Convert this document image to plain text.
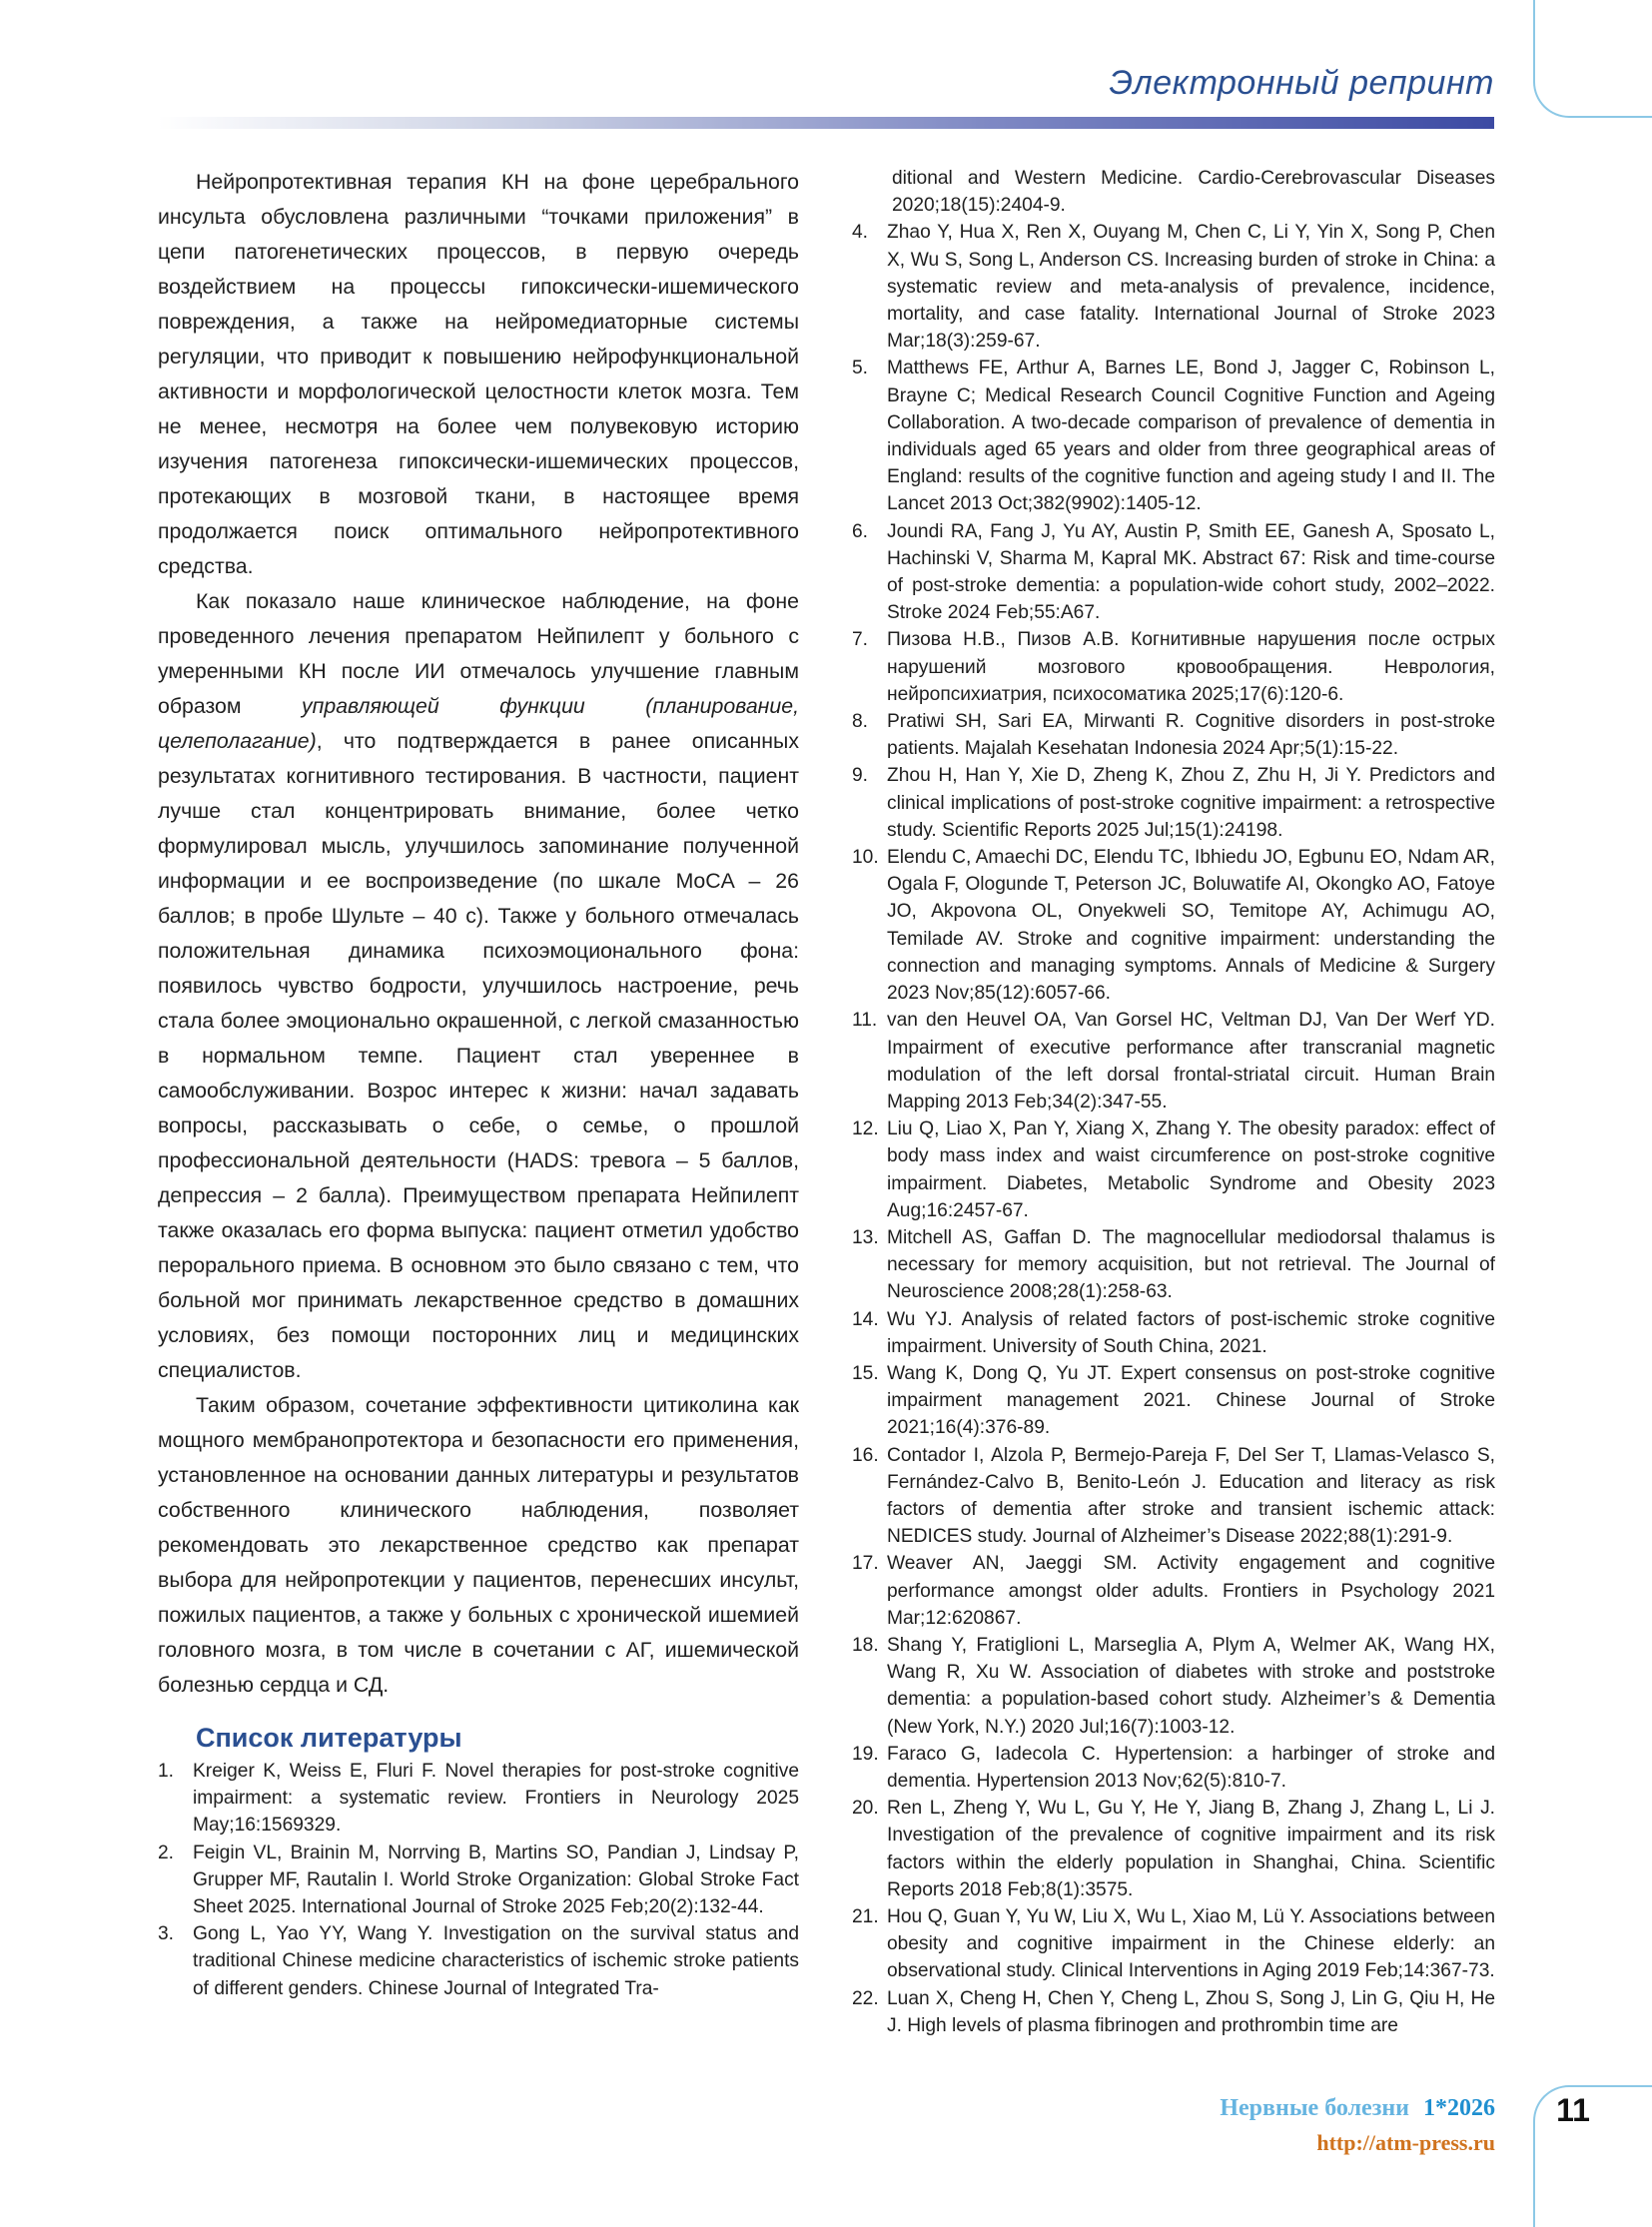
Электронный репринт

Нейропротективная терапия КН на фоне церебрального инсульта обусловлена различными “точками приложения” в цепи патогенетических процессов, в первую очередь воздействием на процессы гипоксически-ишемического повреждения, а также на нейромедиаторные системы регуляции, что приводит к повышению нейрофункциональной активности и морфологической целостности клеток мозга. Тем не менее, несмотря на более чем полувековую историю изучения патогенеза гипоксически-ишемических процессов, протекающих в мозговой ткани, в настоящее время продолжается поиск оптимального нейропротективного средства.

Как показало наше клиническое наблюдение, на фоне проведенного лечения препаратом Нейпилепт у больного с умеренными КН после ИИ отмечалось улучшение главным образом управляющей функции (планирование, целеполагание), что подтверждается в ранее описанных результатах когнитивного тестирования. В частности, пациент лучше стал концентрировать внимание, более четко формулировал мысль, улучшилось запоминание полученной информации и ее воспроизведение (по шкале MoCA – 26 баллов; в пробе Шульте – 40 с). Также у больного отмечалась положительная динамика психоэмоционального фона: появилось чувство бодрости, улучшилось настроение, речь стала более эмоционально окрашенной, с легкой смазанностью в нормальном темпе. Пациент стал увереннее в самообслуживании. Возрос интерес к жизни: начал задавать вопросы, рассказывать о себе, о семье, о прошлой профессиональной деятельности (HADS: тревога – 5 баллов, депрессия – 2 балла). Преимуществом препарата Нейпилепт также оказалась его форма выпуска: пациент отметил удобство перорального приема. В основном это было связано с тем, что больной мог принимать лекарственное средство в домашних условиях, без помощи посторонних лиц и медицинских специалистов.

Таким образом, сочетание эффективности цитиколина как мощного мембранопротектора и безопасности его применения, установленное на основании данных литературы и результатов собственного клинического наблюдения, позволяет рекомендовать это лекарственное средство как препарат выбора для нейропротекции у пациентов, перенесших инсульт, пожилых пациентов, а также у больных с хронической ишемией головного мозга, в том числе в сочетании с АГ, ишемической болезнью сердца и СД.

Список литературы
1. Kreiger K, Weiss E, Fluri F. Novel therapies for post-stroke cognitive impairment: a systematic review. Frontiers in Neurology 2025 May;16:1569329.
2. Feigin VL, Brainin M, Norrving B, Martins SO, Pandian J, Lindsay P, Grupper MF, Rautalin I. World Stroke Organization: Global Stroke Fact Sheet 2025. International Journal of Stroke 2025 Feb;20(2):132-44.
3. Gong L, Yao YY, Wang Y. Investigation on the survival status and traditional Chinese medicine characteristics of ischemic stroke patients of different genders. Chinese Journal of Integrated Tra-

ditional and Western Medicine. Cardio-Cerebrovascular Diseases 2020;18(15):2404-9.

4. Zhao Y, Hua X, Ren X, Ouyang M, Chen C, Li Y, Yin X, Song P, Chen X, Wu S, Song L, Anderson CS. Increasing burden of stroke in China: a systematic review and meta-analysis of prevalence, incidence, mortality, and case fatality. International Journal of Stroke 2023 Mar;18(3):259-67.
5. Matthews FE, Arthur A, Barnes LE, Bond J, Jagger C, Robinson L, Brayne C; Medical Research Council Cognitive Function and Ageing Collaboration. A two-decade comparison of prevalence of dementia in individuals aged 65 years and older from three geographical areas of England: results of the cognitive function and ageing study I and II. The Lancet 2013 Oct;382(9902):1405-12.
6. Joundi RA, Fang J, Yu AY, Austin P, Smith EE, Ganesh A, Sposato L, Hachinski V, Sharma M, Kapral MK. Abstract 67: Risk and time-course of post-stroke dementia: a population-wide cohort study, 2002–2022. Stroke 2024 Feb;55:A67.
7. Пизова Н.В., Пизов А.В. Когнитивные нарушения после острых нарушений мозгового кровообращения. Неврология, нейропсихиатрия, психосоматика 2025;17(6):120-6.
8. Pratiwi SH, Sari EA, Mirwanti R. Cognitive disorders in post-stroke patients. Majalah Kesehatan Indonesia 2024 Apr;5(1):15-22.
9. Zhou H, Han Y, Xie D, Zheng K, Zhou Z, Zhu H, Ji Y. Predictors and clinical implications of post-stroke cognitive impairment: a retrospective study. Scientific Reports 2025 Jul;15(1):24198.
10. Elendu C, Amaechi DC, Elendu TC, Ibhiedu JO, Egbunu EO, Ndam AR, Ogala F, Ologunde T, Peterson JC, Boluwatife AI, Okongko AO, Fatoye JO, Akpovona OL, Onyekweli SO, Temitope AY, Achimugu AO, Temilade AV. Stroke and cognitive impairment: understanding the connection and managing symptoms. Annals of Medicine & Surgery 2023 Nov;85(12):6057-66.
11. van den Heuvel OA, Van Gorsel HC, Veltman DJ, Van Der Werf YD. Impairment of executive performance after transcranial magnetic modulation of the left dorsal frontal-striatal circuit. Human Brain Mapping 2013 Feb;34(2):347-55.
12. Liu Q, Liao X, Pan Y, Xiang X, Zhang Y. The obesity paradox: effect of body mass index and waist circumference on post-stroke cognitive impairment. Diabetes, Metabolic Syndrome and Obesity 2023 Aug;16:2457-67.
13. Mitchell AS, Gaffan D. The magnocellular mediodorsal thalamus is necessary for memory acquisition, but not retrieval. The Journal of Neuroscience 2008;28(1):258-63.
14. Wu YJ. Analysis of related factors of post-ischemic stroke cognitive impairment. University of South China, 2021.
15. Wang K, Dong Q, Yu JT. Expert consensus on post-stroke cognitive impairment management 2021. Chinese Journal of Stroke 2021;16(4):376-89.
16. Contador I, Alzola P, Bermejo-Pareja F, Del Ser T, Llamas-Velasco S, Fernández-Calvo B, Benito-León J. Education and literacy as risk factors of dementia after stroke and transient ischemic attack: NEDICES study. Journal of Alzheimer’s Disease 2022;88(1):291-9.
17. Weaver AN, Jaeggi SM. Activity engagement and cognitive performance amongst older adults. Frontiers in Psychology 2021 Mar;12:620867.
18. Shang Y, Fratiglioni L, Marseglia A, Plym A, Welmer AK, Wang HX, Wang R, Xu W. Association of diabetes with stroke and poststroke dementia: a population-based cohort study. Alzheimer’s & Dementia (New York, N.Y.) 2020 Jul;16(7):1003-12.
19. Faraco G, Iadecola C. Hypertension: a harbinger of stroke and dementia. Hypertension 2013 Nov;62(5):810-7.
20. Ren L, Zheng Y, Wu L, Gu Y, He Y, Jiang B, Zhang J, Zhang L, Li J. Investigation of the prevalence of cognitive impairment and its risk factors within the elderly population in Shanghai, China. Scientific Reports 2018 Feb;8(1):3575.
21. Hou Q, Guan Y, Yu W, Liu X, Wu L, Xiao M, Lü Y. Associations between obesity and cognitive impairment in the Chinese elderly: an observational study. Clinical Interventions in Aging 2019 Feb;14:367-73.
22. Luan X, Cheng H, Chen Y, Cheng L, Zhou S, Song J, Lin G, Qiu H, He J. High levels of plasma fibrinogen and prothrombin time are
Нервные болезни 1*2026
http://atm-press.ru
11
